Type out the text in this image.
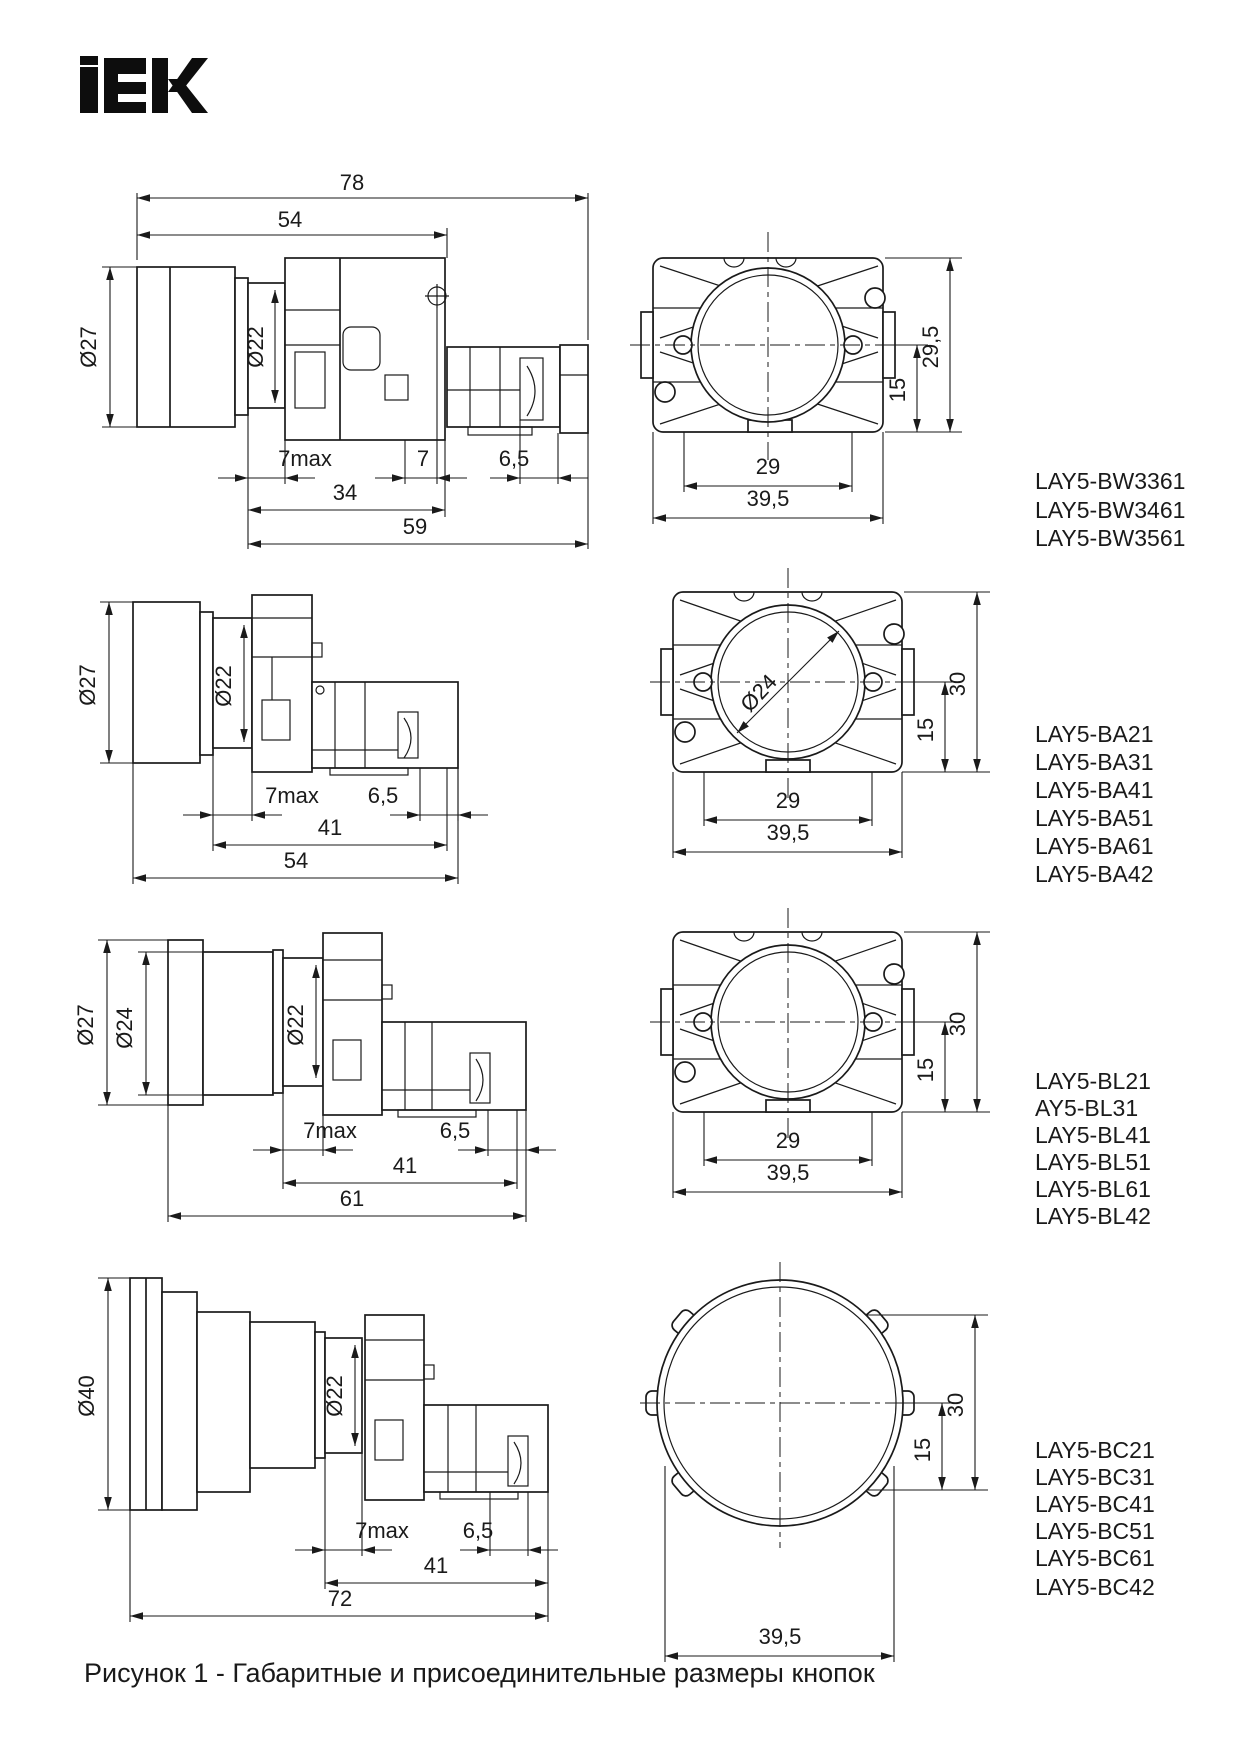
78
54
Ø27	Ø22
7max	7	6,5
34
59
29
39,5
15
29,5
LAY5-BW3361
LAY5-BW3461
LAY5-BW3561
Ø27	Ø22
7max 6,5
41
54
Ø24
29
39,5
15
30
LAY5-BA21
LAY5-BA31
LAY5-BA41
LAY5-BA51
LAY5-BA61
LAY5-BA42
Ø27 Ø24	Ø22
7max	6,5
41
61
29
39,5
15
30
LAY5-BL21
AY5-BL31
LAY5-BL41
LAY5-BL51
LAY5-BL61
LAY5-BL42
Ø40	Ø22
7max 6,5
41
72
15
30
39,5
LAY5-BC21
LAY5-BC31
LAY5-BC41
LAY5-BC51
LAY5-BC61
LAY5-BC42
Рисунок 1 - Габаритные и присоединительные размеры кнопок
